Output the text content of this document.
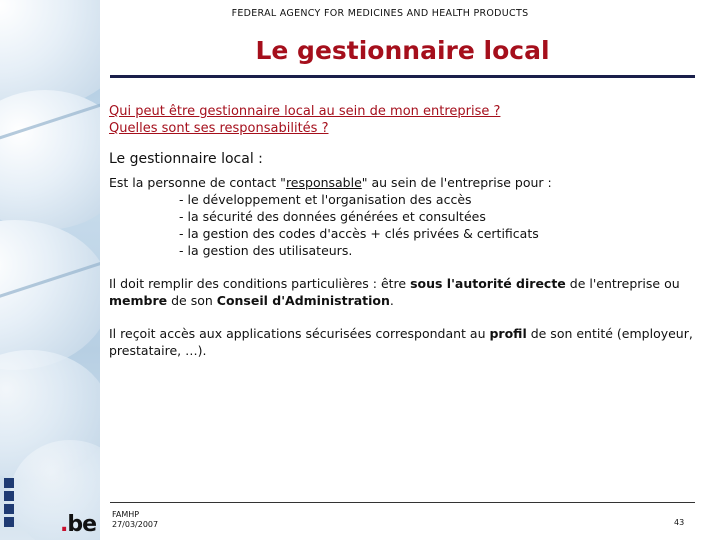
.be
FEDERAL AGENCY FOR MEDICINES AND HEALTH PRODUCTS
Le gestionnaire local

Qui peut être gestionnaire local au sein de mon entreprise ?

Quelles sont ses responsabilités ?

Le gestionnaire local :

Est la personne de contact "responsable" au sein de l'entreprise pour :

- le développement et l'organisation des accès

- la sécurité des données générées et consultées

- la gestion des codes d'accès + clés privées & certificats

- la gestion des utilisateurs.

Il doit remplir des conditions particulières : être sous l'autorité directe de l'entreprise ou membre de son Conseil d'Administration.

Il reçoit accès aux applications sécurisées correspondant au profil de son entité (employeur, prestataire, …).

FAMHP
27/03/2007	43
